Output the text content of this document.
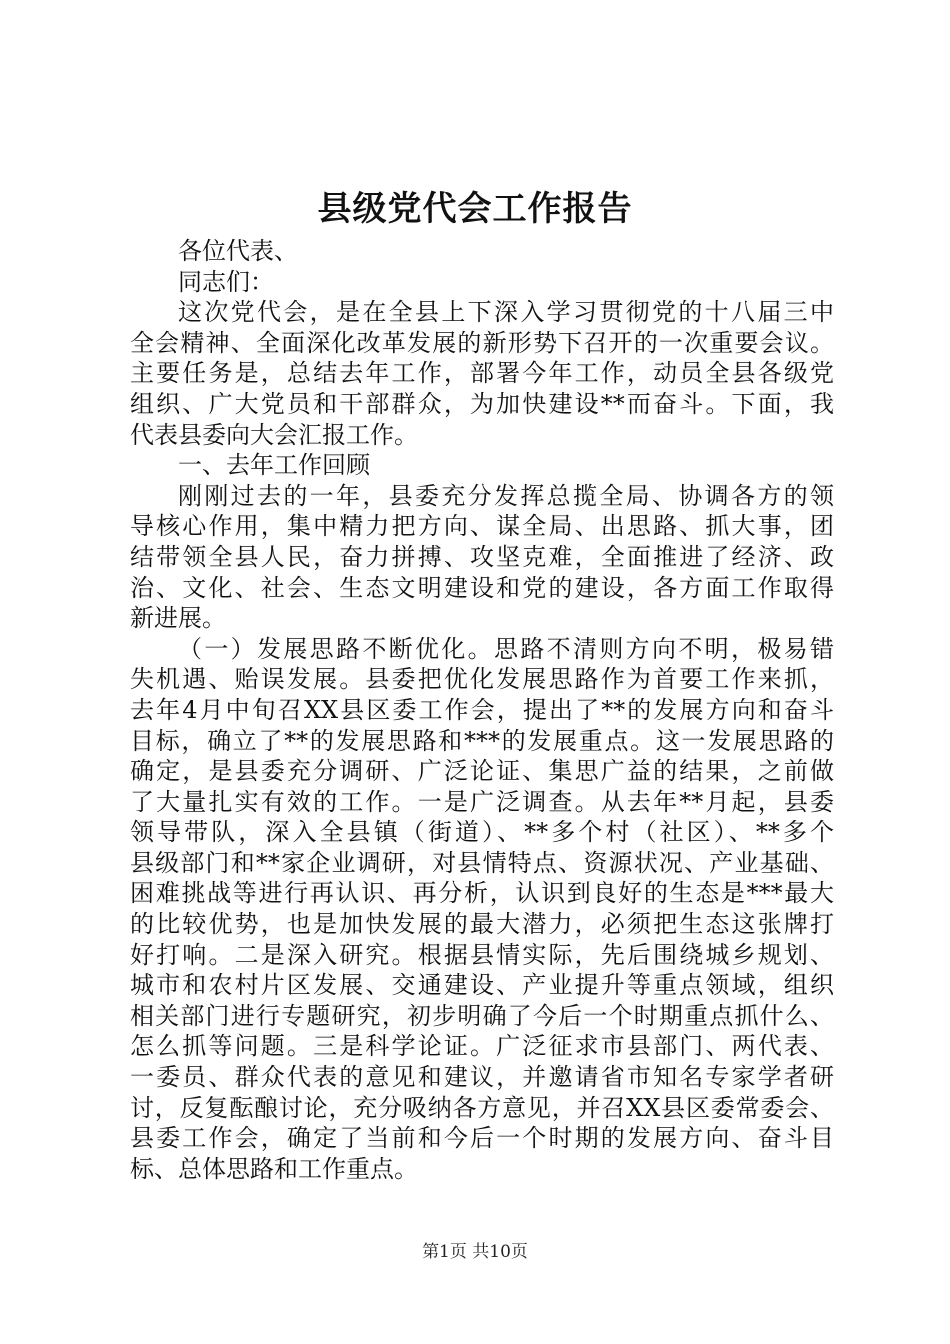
县级党代会工作报告
各位代表、
同志们：
这次党代会，是在全县上下深入学习贯彻党的十八届三中
全会精神、全面深化改革发展的新形势下召开的一次重要会议。
主要任务是，总结去年工作，部署今年工作，动员全县各级党
组织、广大党员和干部群众，为加快建设**而奋斗。下面，我
代表县委向大会汇报工作。
一、去年工作回顾
刚刚过去的一年，县委充分发挥总揽全局、协调各方的领
导核心作用，集中精力把方向、谋全局、出思路、抓大事，团
结带领全县人民，奋力拼搏、攻坚克难，全面推进了经济、政
治、文化、社会、生态文明建设和党的建设，各方面工作取得
新进展。
（一）发展思路不断优化。思路不清则方向不明，极易错
失机遇、贻误发展。县委把优化发展思路作为首要工作来抓，
去年4月中旬召XX县区委工作会，提出了**的发展方向和奋斗
目标，确立了**的发展思路和***的发展重点。这一发展思路的
确定，是县委充分调研、广泛论证、集思广益的结果，之前做
了大量扎实有效的工作。一是广泛调查。从去年**月起，县委
领导带队，深入全县镇（街道）、**多个村（社区）、**多个
县级部门和**家企业调研，对县情特点、资源状况、产业基础、
困难挑战等进行再认识、再分析，认识到良好的生态是***最大
的比较优势，也是加快发展的最大潜力，必须把生态这张牌打
好打响。二是深入研究。根据县情实际，先后围绕城乡规划、
城市和农村片区发展、交通建设、产业提升等重点领域，组织
相关部门进行专题研究，初步明确了今后一个时期重点抓什么、
怎么抓等问题。三是科学论证。广泛征求市县部门、两代表、
一委员、群众代表的意见和建议，并邀请省市知名专家学者研
讨，反复酝酿讨论，充分吸纳各方意见，并召XX县区委常委会、
县委工作会，确定了当前和今后一个时期的发展方向、奋斗目
标、总体思路和工作重点。
第1页 共10页
